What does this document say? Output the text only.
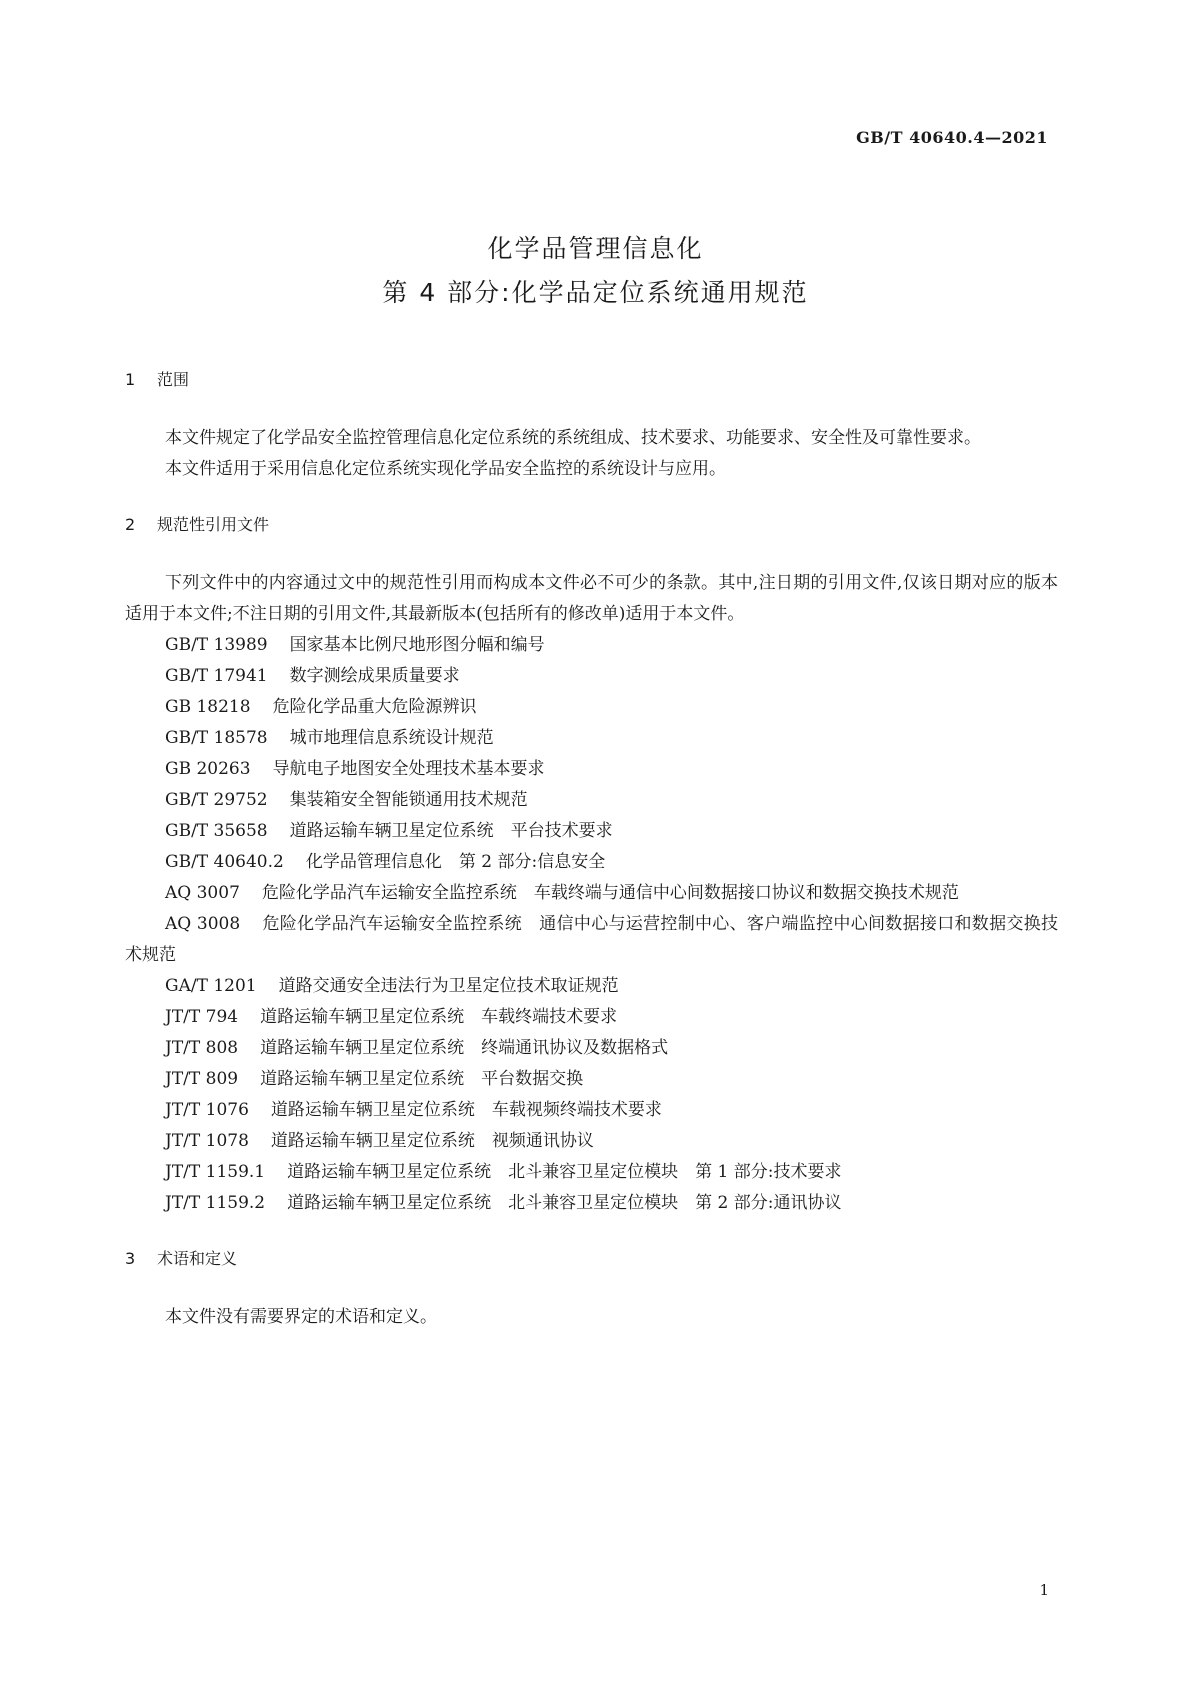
GB/T 40640.4—2021
化学品管理信息化
第 4 部分:化学品定位系统通用规范
1	范围

本文件规定了化学品安全监控管理信息化定位系统的系统组成、技术要求、功能要求、安全性及可靠性要求。

本文件适用于采用信息化定位系统实现化学品安全监控的系统设计与应用。

2	规范性引用文件

下列文件中的内容通过文中的规范性引用而构成本文件必不可少的条款。其中,注日期的引用文件,仅该日期对应的版本适用于本文件;不注日期的引用文件,其最新版本(包括所有的修改单)适用于本文件。

GB/T 13989 国家基本比例尺地形图分幅和编号
GB/T 17941 数字测绘成果质量要求
GB 18218 危险化学品重大危险源辨识
GB/T 18578 城市地理信息系统设计规范
GB 20263 导航电子地图安全处理技术基本要求
GB/T 29752 集装箱安全智能锁通用技术规范
GB/T 35658 道路运输车辆卫星定位系统　平台技术要求
GB/T 40640.2 化学品管理信息化　第 2 部分:信息安全
AQ 3007 危险化学品汽车运输安全监控系统　车载终端与通信中心间数据接口协议和数据交换技术规范
AQ 3008 危险化学品汽车运输安全监控系统　通信中心与运营控制中心、客户端监控中心间数据接口和数据交换技术规范
GA/T 1201 道路交通安全违法行为卫星定位技术取证规范
JT/T 794 道路运输车辆卫星定位系统　车载终端技术要求
JT/T 808 道路运输车辆卫星定位系统　终端通讯协议及数据格式
JT/T 809 道路运输车辆卫星定位系统　平台数据交换
JT/T 1076 道路运输车辆卫星定位系统　车载视频终端技术要求
JT/T 1078 道路运输车辆卫星定位系统　视频通讯协议
JT/T 1159.1 道路运输车辆卫星定位系统　北斗兼容卫星定位模块　第 1 部分:技术要求
JT/T 1159.2 道路运输车辆卫星定位系统　北斗兼容卫星定位模块　第 2 部分:通讯协议
3	术语和定义

本文件没有需要界定的术语和定义。

1
